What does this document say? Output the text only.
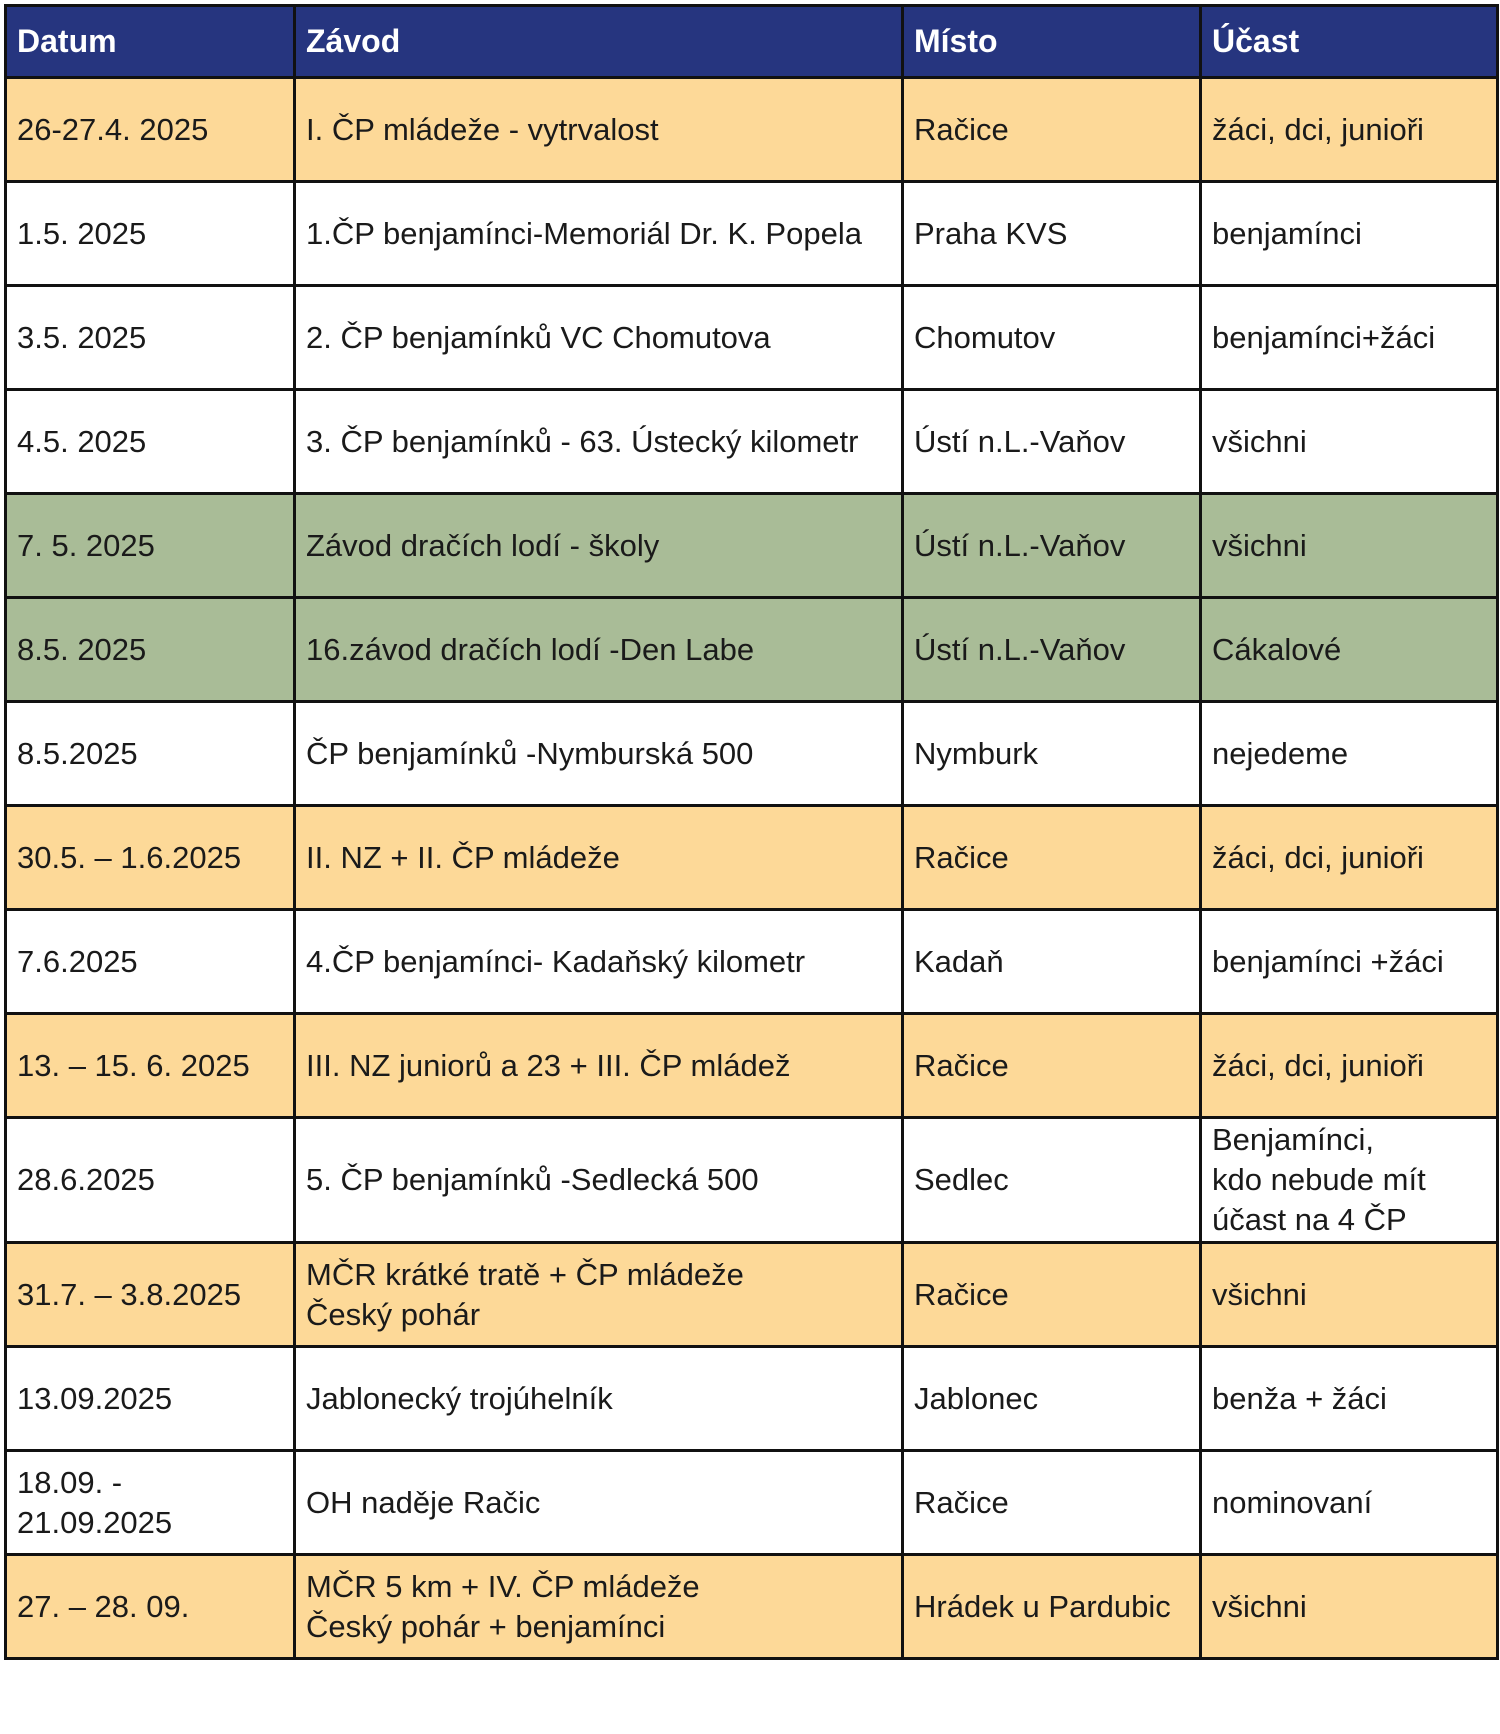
Datum	Závod	Místo	Účast
26-27.4. 2025	I. ČP mládeže - vytrvalost	Račice	žáci, dci, junioři
1.5. 2025	1.ČP benjamínci-Memoriál Dr. K. Popela	Praha KVS	benjamínci
3.5. 2025	2. ČP benjamínků VC Chomutova	Chomutov	benjamínci+žáci
4.5. 2025	3. ČP benjamínků - 63. Ústecký kilometr	Ústí n.L.-Vaňov	všichni
7. 5. 2025	Závod dračích lodí - školy	Ústí n.L.-Vaňov	všichni
8.5. 2025	16.závod dračích lodí -Den Labe	Ústí n.L.-Vaňov	Cákalové
8.5.2025	ČP benjamínků -Nymburská 500	Nymburk	nejedeme
30.5. – 1.6.2025	II. NZ + II. ČP mládeže	Račice	žáci, dci, junioři
7.6.2025	4.ČP benjamínci- Kadaňský kilometr	Kadaň	benjamínci +žáci
13. – 15. 6. 2025	III. NZ juniorů a 23 + III. ČP mládež	Račice	žáci, dci, junioři
28.6.2025	5. ČP benjamínků -Sedlecká 500	Sedlec	Benjamínci,
kdo nebude mít
účast na 4 ČP
31.7. – 3.8.2025	MČR krátké tratě + ČP mládeže
Český pohár	Račice	všichni
13.09.2025	Jablonecký trojúhelník	Jablonec	benža + žáci
18.09. - 21.09.2025	OH naděje Račic	Račice	nominovaní
27. – 28. 09.	MČR 5 km + IV. ČP mládeže
Český pohár + benjamínci	Hrádek u Pardubic	všichni
